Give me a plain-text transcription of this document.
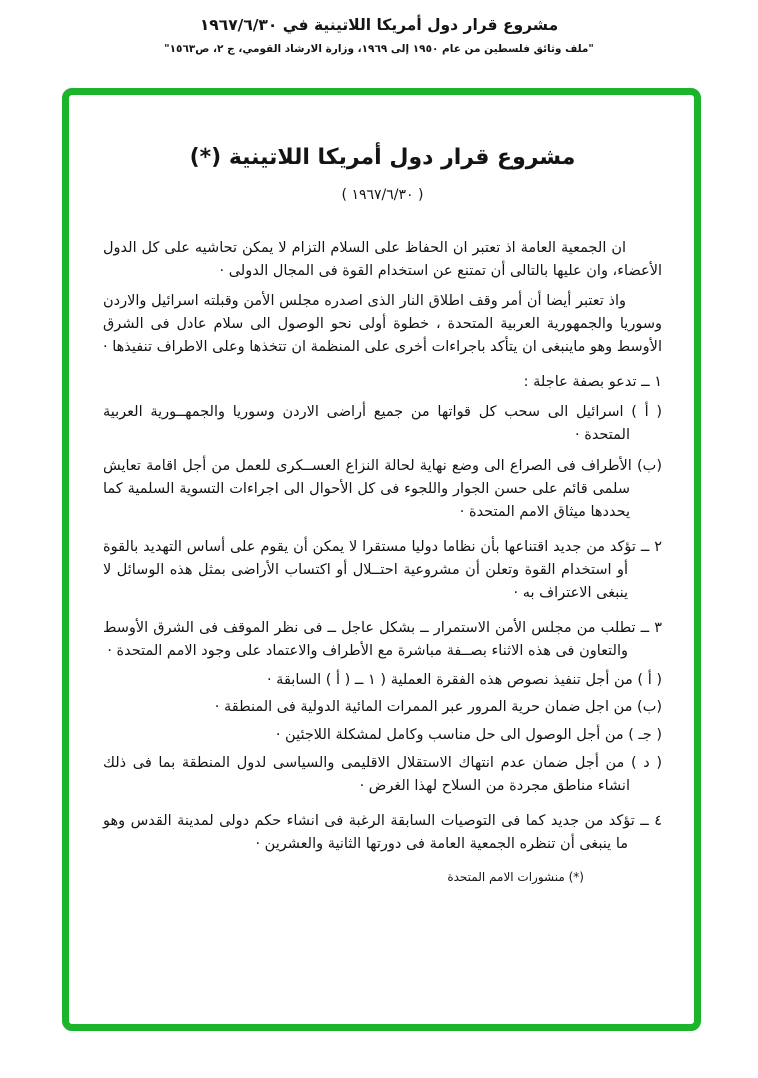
مشروع قرار دول أمريكا اللاتينية في ١٩٦٧/٦/٣٠
"ملف وثائق فلسطين من عام ١٩٥٠ إلى ١٩٦٩، وزارة الارشاد القومي، ج ٢، ص١٥٦٣"
مشروع قرار دول أمريكا اللاتينية (*)
( ١٩٦٧/٦/٣٠ )

ان الجمعية العامة اذ تعتبر ان الحفاظ على السلام التزام لا يمكن تحاشيه على كل الدول الأعضاء، وان عليها بالتالى أن تمتنع عن استخدام القوة فى المجال الدولى ·

واذ تعتبر أيضا أن أمر وقف اطلاق النار الذى اصدره مجلس الأمن وقبلته اسرائيل والاردن وسوريا والجمهورية العربية المتحدة ، خطوة أولى نحو الوصول الى سلام عادل فى الشرق الأوسط وهو ماينبغى ان يتأكد باجراءات أخرى على المنظمة ان تتخذها وعلى الاطراف تنفيذها ·

١ ــ تدعو بصفة عاجلة :

( أ ) اسرائيل الى سحب كل قواتها من جميع أراضى الاردن وسوريا والجمهــورية العربية المتحدة ·

(ب) الأطراف فى الصراع الى وضع نهاية لحالة النزاع العســكرى للعمل من أجل اقامة تعايش سلمى قائم على حسن الجوار واللجوء فى كل الأحوال الى اجراءات التسوية السلمية كما يحددها ميثاق الامم المتحدة ·

٢ ــ تؤكد من جديد اقتناعها بأن نظاما دوليا مستقرا لا يمكن أن يقوم على أساس التهديد بالقوة أو استخدام القوة وتعلن أن مشروعية احتــلال أو اكتساب الأراضى بمثل هذه الوسائل لا ينبغى الاعتراف به ·

٣ ــ تطلب من مجلس الأمن الاستمرار ــ بشكل عاجل ــ فى نظر الموقف فى الشرق الأوسط والتعاون فى هذه الاثناء بصــفة مباشرة مع الأطراف والاعتماد على وجود الامم المتحدة ·

( أ ) من أجل تنفيذ نصوص هذه الفقرة العملية ( ١ ــ ( أ ) السابقة ·

(ب) من اجل ضمان حرية المرور عبر الممرات المائية الدولية فى المنطقة ·

( جـ ) من أجل الوصول الى حل مناسب وكامل لمشكلة اللاجئين ·

( د ) من أجل ضمان عدم انتهاك الاستقلال الاقليمى والسياسى لدول المنطقة بما فى ذلك انشاء مناطق مجردة من السلاح لهذا الغرض ·

٤ ــ تؤكد من جديد كما فى التوصيات السابقة الرغبة فى انشاء حكم دولى لمدينة القدس وهو ما ينبغى أن تنظره الجمعية العامة فى دورتها الثانية والعشرين ·

(*) منشورات الامم المتحدة
